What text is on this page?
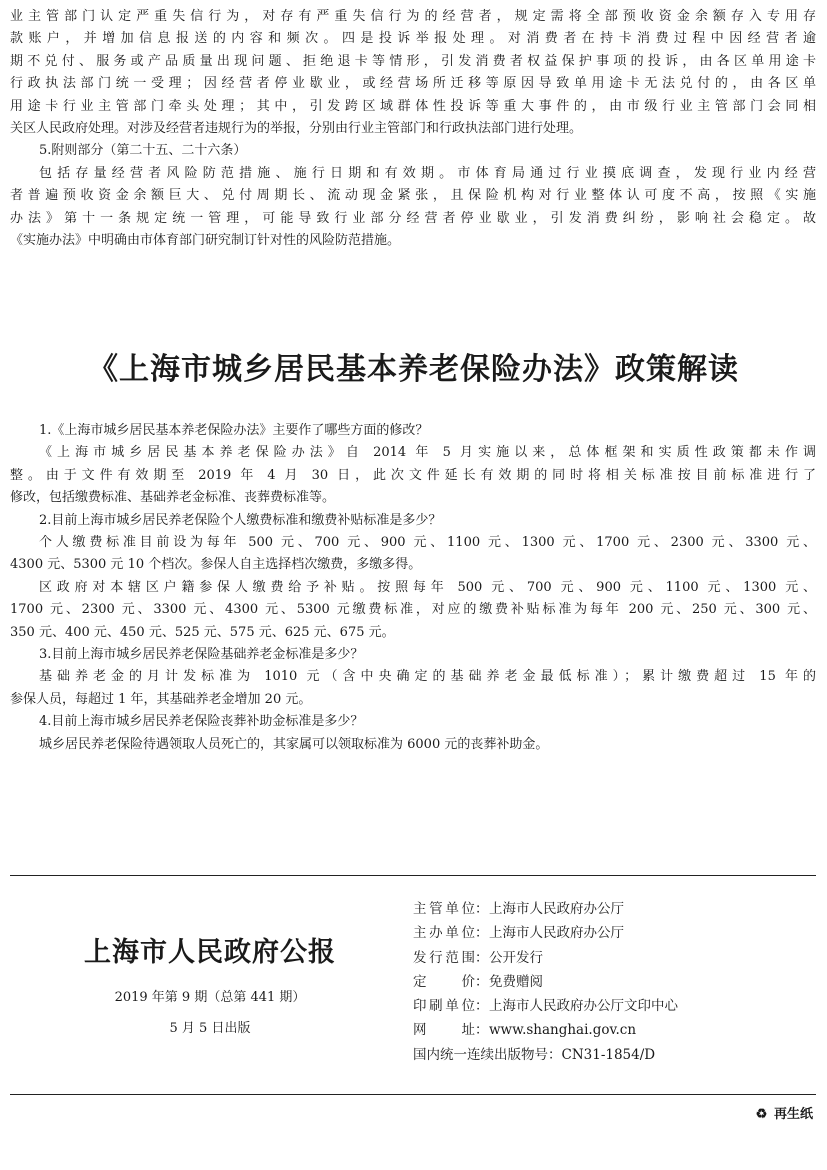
业主管部门认定严重失信行为，对存有严重失信行为的经营者，规定需将全部预收资金余额存入专用存

款账户，并增加信息报送的内容和频次。四是投诉举报处理。对消费者在持卡消费过程中因经营者逾

期不兑付、服务或产品质量出现问题、拒绝退卡等情形，引发消费者权益保护事项的投诉，由各区单用途卡

行政执法部门统一受理；因经营者停业歇业，或经营场所迁移等原因导致单用途卡无法兑付的，由各区单

用途卡行业主管部门牵头处理；其中，引发跨区域群体性投诉等重大事件的，由市级行业主管部门会同相

关区人民政府处理。对涉及经营者违规行为的举报，分别由行业主管部门和行政执法部门进行处理。

5.附则部分（第二十五、二十六条）

包括存量经营者风险防范措施、施行日期和有效期。市体育局通过行业摸底调查，发现行业内经营

者普遍预收资金余额巨大、兑付周期长、流动现金紧张，且保险机构对行业整体认可度不高，按照《实施

办法》第十一条规定统一管理，可能导致行业部分经营者停业歇业，引发消费纠纷，影响社会稳定。故

《实施办法》中明确由市体育部门研究制订针对性的风险防范措施。

《上海市城乡居民基本养老保险办法》政策解读

1.《上海市城乡居民基本养老保险办法》主要作了哪些方面的修改？

《上海市城乡居民基本养老保险办法》自 2014 年 5 月实施以来，总体框架和实质性政策都未作调

整。由于文件有效期至 2019 年 4 月 30 日，此次文件延长有效期的同时将相关标准按目前标准进行了

修改，包括缴费标准、基础养老金标准、丧葬费标准等。

2.目前上海市城乡居民养老保险个人缴费标准和缴费补贴标准是多少？

个人缴费标准目前设为每年 500 元、700 元、900 元、1100 元、1300 元、1700 元、2300 元、3300 元、

4300 元、5300 元 10 个档次。参保人自主选择档次缴费，多缴多得。

区政府对本辖区户籍参保人缴费给予补贴。按照每年 500 元、700 元、900 元、1100 元、1300 元、

1700 元、2300 元、3300 元、4300 元、5300 元缴费标准，对应的缴费补贴标准为每年 200 元、250 元、300 元、

350 元、400 元、450 元、525 元、575 元、625 元、675 元。

3.目前上海市城乡居民养老保险基础养老金标准是多少？

基础养老金的月计发标准为 1010 元（含中央确定的基础养老金最低标准）；累计缴费超过 15 年的

参保人员，每超过 1 年，其基础养老金增加 20 元。

4.目前上海市城乡居民养老保险丧葬补助金标准是多少？

城乡居民养老保险待遇领取人员死亡的，其家属可以领取标准为 6000 元的丧葬补助金。

上海市人民政府公报
2019 年第 9 期（总第 441 期）
5 月 5 日出版
主管单位：上海市人民政府办公厅
主办单位：上海市人民政府办公厅
发行范围：公开发行
定　　价：免费赠阅
印刷单位：上海市人民政府办公厅文印中心
网　　址：www.shanghai.gov.cn
国内统一连续出版物号：CN31-1854/D
♻ 再生纸
